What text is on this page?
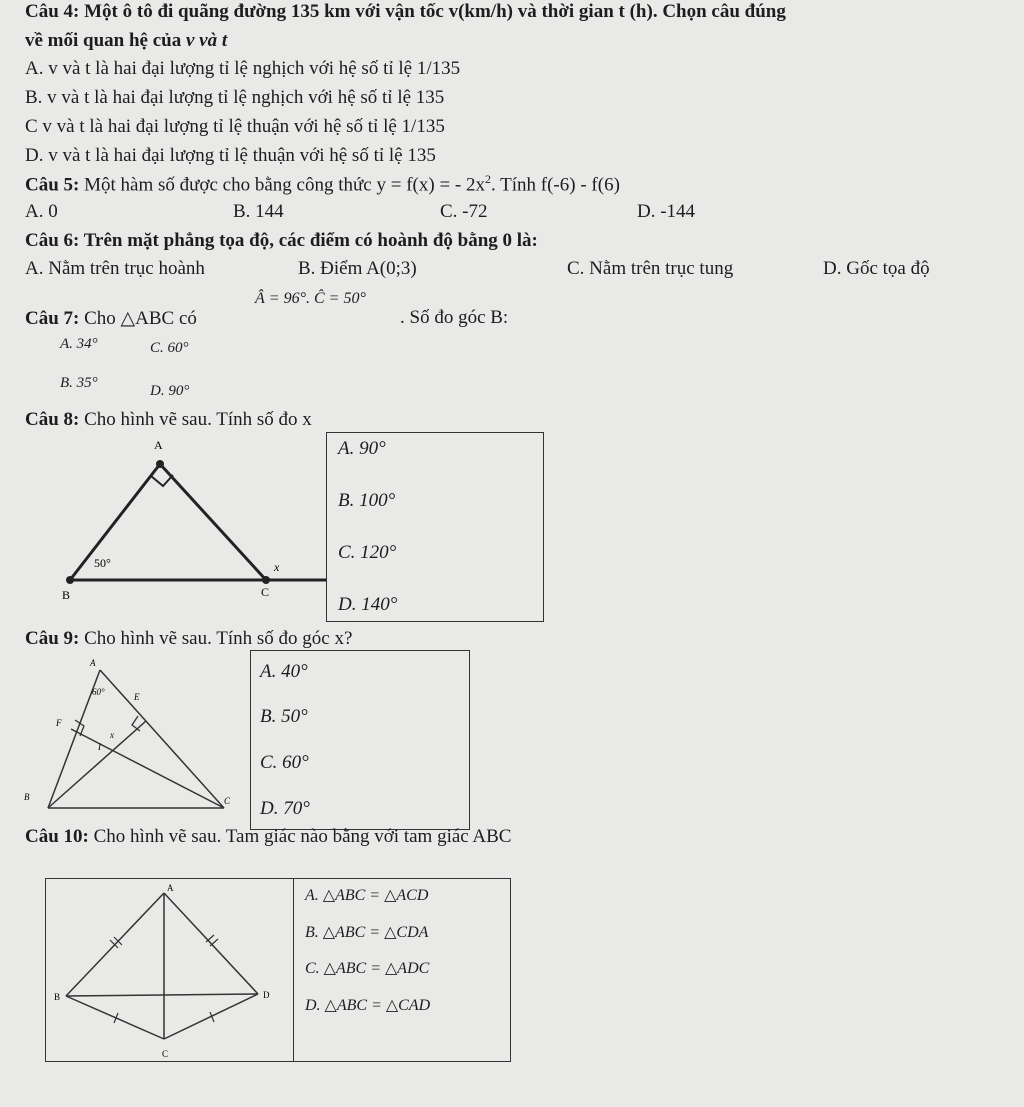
Câu 4: Một ô tô đi quãng đường 135 km với vận tốc v(km/h) và thời gian t (h). Chọn câu đúng
về mối quan hệ của v và t
A. v và t là hai đại lượng tỉ lệ nghịch với hệ số tỉ lệ 1/135
B. v và t là hai đại lượng tỉ lệ nghịch với hệ số tỉ lệ 135
C v và t là hai đại lượng tỉ lệ thuận với hệ số tỉ lệ 1/135
D. v và t là hai đại lượng tỉ lệ thuận với hệ số tỉ lệ 135
Câu 5: Một hàm số được cho bằng công thức y = f(x) = - $2x^2$. Tính f(-6) - f(6)
A. 0	B. 144	C. -72	D. -144
Câu 6: Trên mặt phẳng tọa độ, các điểm có hoành độ bằng 0 là:
A. Nằm trên trục hoành	B. Điểm A(0;3)	C. Nằm trên trục tung	D. Gốc tọa độ
Câu 7: Cho △ABC có
Â = 96°. Ĉ = 50°
. Số đo góc B:
A. 34°	C. 60°
B. 35°	D. 90°
Câu 8: Cho hình vẽ sau. Tính số đo x
A
B	C
50°	x
A. 90°
B. 100°
C. 120°
D. 140°
Câu 9: Cho hình vẽ sau. Tính số đo góc x?
A
B	C
E
F
I
60°
x
A. 40°
B. 50°
C. 60°
D. 70°
Câu 10: Cho hình vẽ sau. Tam giác nào bằng với tam giác ABC
A
B
C
D
A. △ABC = △ACD
B. △ABC = △CDA
C. △ABC = △ADC
D. △ABC = △CAD
